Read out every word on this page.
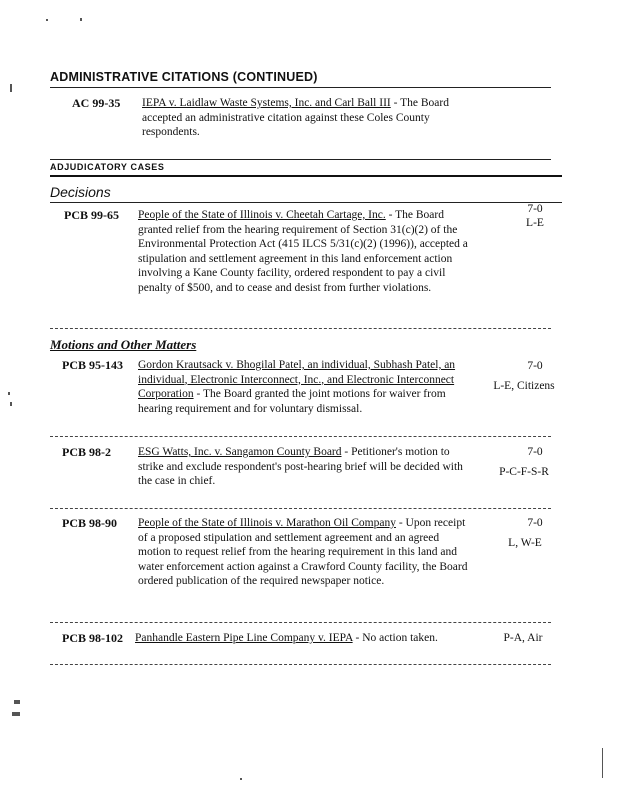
ADMINISTRATIVE CITATIONS (CONTINUED)
AC 99-35 IEPA v. Laidlaw Waste Systems, Inc. and Carl Ball III - The Board accepted an administrative citation against these Coles County respondents.
ADJUDICATORY CASES
Decisions
PCB 99-65 People of the State of Illinois v. Cheetah Cartage, Inc. - The Board granted relief from the hearing requirement of Section 31(c)(2) of the Environmental Protection Act (415 ILCS 5/31(c)(2) (1996)), accepted a stipulation and settlement agreement in this land enforcement action involving a Kane County facility, ordered respondent to pay a civil penalty of $500, and to cease and desist from further violations.
7-0
L-E
Motions and Other Matters
PCB 95-143 Gordon Krautsack v. Bhogilal Patel, an individual, Subhash Patel, an individual, Electronic Interconnect, Inc., and Electronic Interconnect Corporation - The Board granted the joint motions for waiver from hearing requirement and for voluntary dismissal.
7-0
L-E, Citizens
PCB 98-2 ESG Watts, Inc. v. Sangamon County Board - Petitioner's motion to strike and exclude respondent's post-hearing brief will be decided with the case in chief.
7-0
P-C-F-S-R
PCB 98-90 People of the State of Illinois v. Marathon Oil Company - Upon receipt of a proposed stipulation and settlement agreement and an agreed motion to request relief from the hearing requirement in this land and water enforcement action against a Crawford County facility, the Board ordered publication of the required newspaper notice.
7-0
L, W-E
PCB 98-102 Panhandle Eastern Pipe Line Company v. IEPA - No action taken.	P-A, Air
